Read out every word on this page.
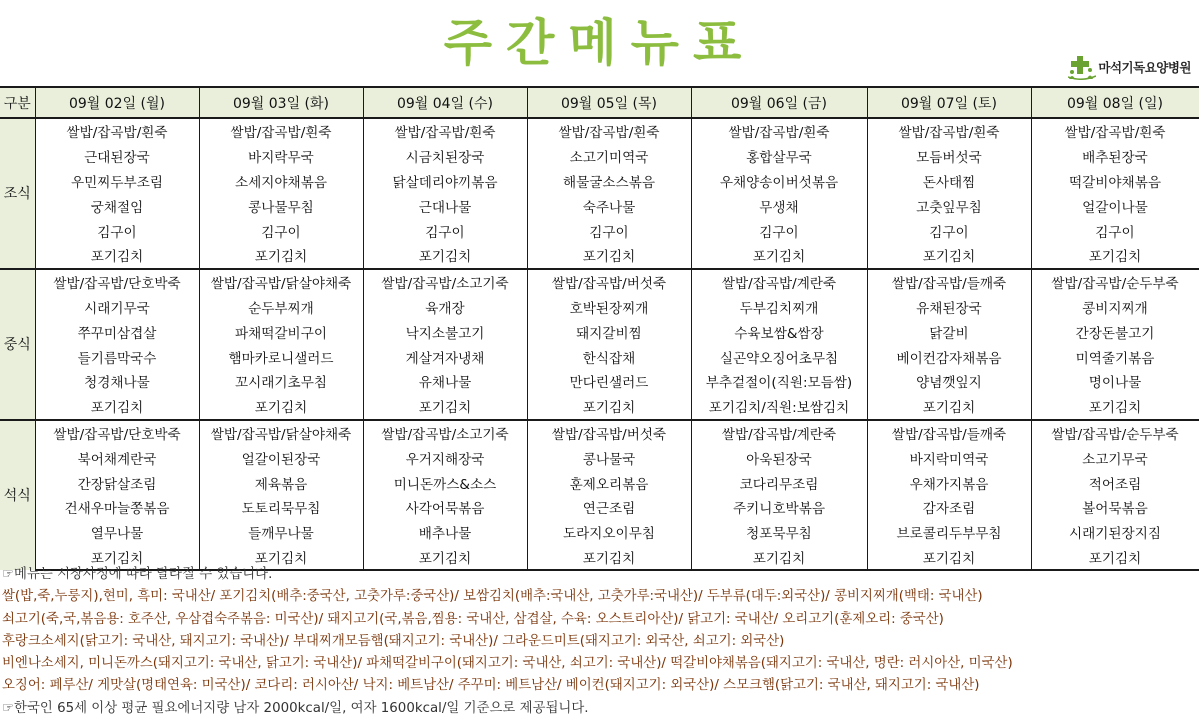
주간메뉴표	마석기독요양병원
구분	09월 02일 (월)	09월 03일 (화)	09월 04일 (수)	09월 05일 (목)	09월 06일 (금)	09월 07일 (토)	09월 08일 (일)
조식	쌀밥/잡곡밥/흰죽	쌀밥/잡곡밥/흰죽	쌀밥/잡곡밥/흰죽	쌀밥/잡곡밥/흰죽	쌀밥/잡곡밥/흰죽	쌀밥/잡곡밥/흰죽	쌀밥/잡곡밥/흰죽
	근대된장국	바지락무국	시금치된장국	소고기미역국	홍합살무국	모듬버섯국	배추된장국
	우민찌두부조림	소세지야채볶음	닭살데리야끼볶음	해물굴소스볶음	우채양송이버섯볶음	돈사태찜	떡갈비야채볶음
	궁채절임	콩나물무침	근대나물	숙주나물	무생채	고춧잎무침	얼갈이나물
	김구이	김구이	김구이	김구이	김구이	김구이	김구이
	포기김치	포기김치	포기김치	포기김치	포기김치	포기김치	포기김치
중식	쌀밥/잡곡밥/단호박죽	쌀밥/잡곡밥/닭살야채죽	쌀밥/잡곡밥/소고기죽	쌀밥/잡곡밥/버섯죽	쌀밥/잡곡밥/계란죽	쌀밥/잡곡밥/들깨죽	쌀밥/잡곡밥/순두부죽
	시래기무국	순두부찌개	육개장	호박된장찌개	두부김치찌개	유채된장국	콩비지찌개
	쭈꾸미삼겹살	파채떡갈비구이	낙지소불고기	돼지갈비찜	수육보쌈&쌈장	닭갈비	간장돈불고기
	들기름막국수	햄마카로니샐러드	게살겨자냉채	한식잡채	실곤약오징어초무침	베이컨감자채볶음	미역줄기볶음
	청경채나물	꼬시래기초무침	유채나물	만다린샐러드	부추겉절이(직원:모듬쌈)	양념깻잎지	명이나물
	포기김치	포기김치	포기김치	포기김치	포기김치/직원:보쌈김치	포기김치	포기김치
석식	쌀밥/잡곡밥/단호박죽	쌀밥/잡곡밥/닭살야채죽	쌀밥/잡곡밥/소고기죽	쌀밥/잡곡밥/버섯죽	쌀밥/잡곡밥/계란죽	쌀밥/잡곡밥/들깨죽	쌀밥/잡곡밥/순두부죽
	북어채계란국	얼갈이된장국	우거지해장국	콩나물국	아욱된장국	바지락미역국	소고기무국
	간장닭살조림	제육볶음	미니돈까스&소스	훈제오리볶음	코다리무조림	우채가지볶음	적어조림
	건새우마늘쫑볶음	도토리묵무침	사각어묵볶음	연근조림	주키니호박볶음	감자조림	볼어묵볶음
	열무나물	들깨무나물	배추나물	도라지오이무침	청포묵무침	브로콜리두부무침	시래기된장지짐
	포기김치	포기김치	포기김치	포기김치	포기김치	포기김치	포기김치
☞메뉴는 시장사정에 따라 달라질 수 있습니다.
쌀(밥,죽,누룽지),현미, 흑미: 국내산/ 포기김치(배추:중국산, 고춧가루:중국산)/ 보쌈김치(배추:국내산, 고춧가루:국내산)/ 두부류(대두:외국산)/ 콩비지찌개(백태: 국내산)
쇠고기(죽,국,볶음용: 호주산, 우삼겹숙주볶음: 미국산)/ 돼지고기(국,볶음,찜용: 국내산, 삼겹살, 수육: 오스트리아산)/ 닭고기: 국내산/ 오리고기(훈제오리: 중국산)
후랑크소세지(닭고기: 국내산, 돼지고기: 국내산)/ 부대찌개모듬햄(돼지고기: 국내산)/ 그라운드미트(돼지고기: 외국산, 쇠고기: 외국산)
비엔나소세지, 미니돈까스(돼지고기: 국내산, 닭고기: 국내산)/ 파채떡갈비구이(돼지고기: 국내산, 쇠고기: 국내산)/ 떡갈비야채볶음(돼지고기: 국내산, 명란: 러시아산, 미국산)
오징어: 페루산/ 게맛살(명태연육: 미국산)/ 코다리: 러시아산/ 낙지: 베트남산/ 주꾸미: 베트남산/ 베이컨(돼지고기: 외국산)/ 스모크햄(닭고기: 국내산, 돼지고기: 국내산)
☞한국인 65세 이상 평균 필요에너지량 남자 2000kcal/일, 여자 1600kcal/일 기준으로 제공됩니다.
